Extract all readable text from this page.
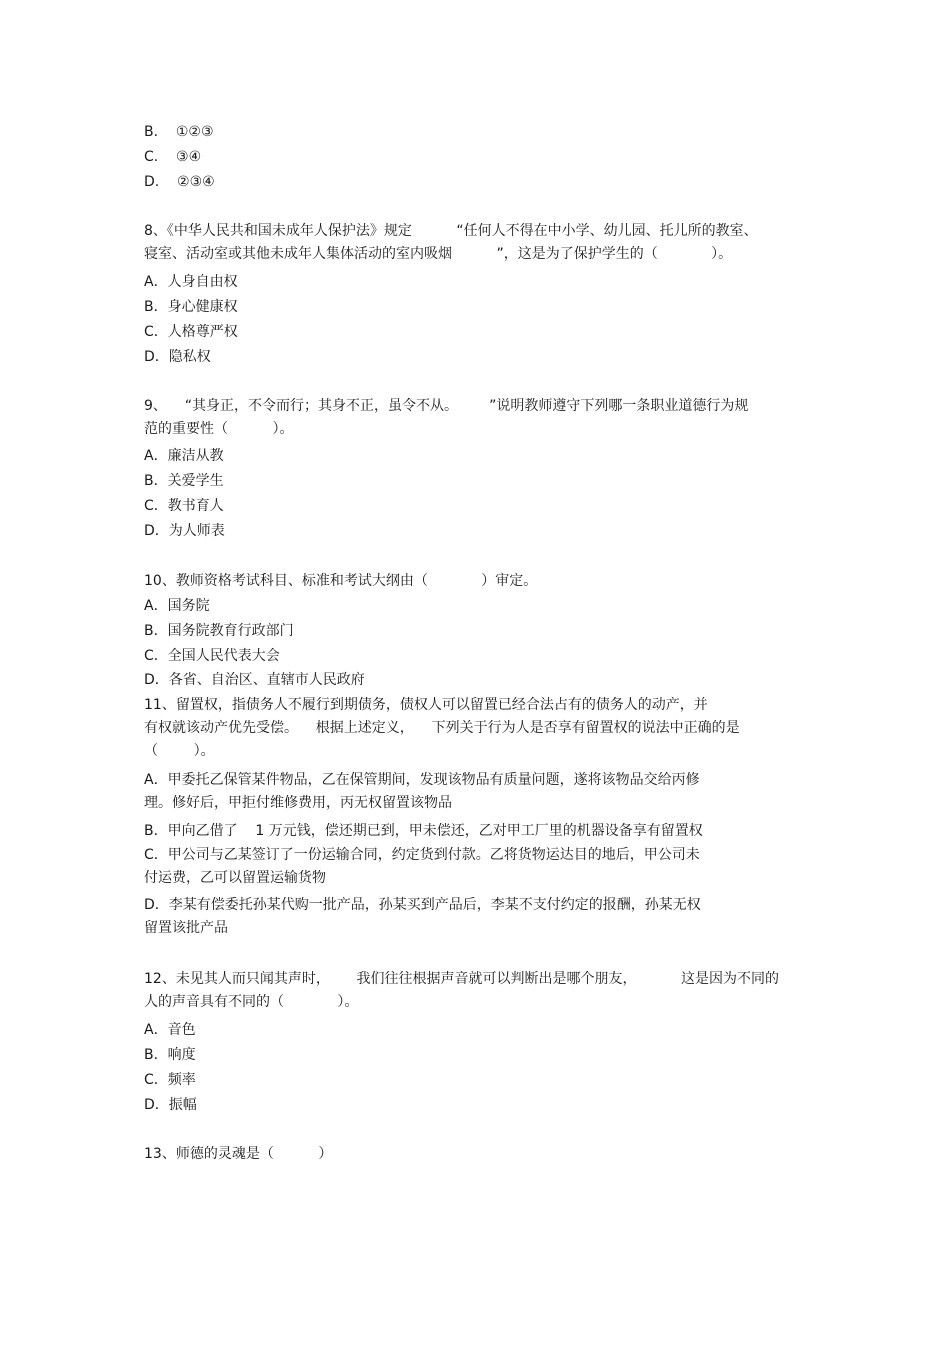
B.    ①②③
C.    ③④
D.    ②③④
8、《中华人民共和国未成年人保护法》规定          “任何人不得在中小学、幼儿园、托儿所的教室、
寝室、活动室或其他未成年人集体活动的室内吸烟          ”，这是为了保护学生的（            ）。
A．人身自由权
B．身心健康权
C．人格尊严权
D．隐私权
9、    “其身正，不令而行；其身不正，虽令不从。       ”说明教师遵守下列哪一条职业道德行为规
范的重要性（          ）。
A．廉洁从教
B．关爱学生
C．教书育人
D．为人师表
10、教师资格考试科目、标准和考试大纲由（            ）审定。
A．国务院
B．国务院教育行政部门
C．全国人民代表大会
D．各省、自治区、直辖市人民政府
11、留置权，指债务人不履行到期债务，债权人可以留置已经合法占有的债务人的动产，并
有权就该动产优先受偿。    根据上述定义，    下列关于行为人是否享有留置权的说法中正确的是
（        ）。
A．甲委托乙保管某件物品，乙在保管期间，发现该物品有质量问题，遂将该物品交给丙修
理。修好后，甲拒付维修费用，丙无权留置该物品
B．甲向乙借了    1 万元钱，偿还期已到，甲未偿还，乙对甲工厂里的机器设备享有留置权
C．甲公司与乙某签订了一份运输合同，约定货到付款。乙将货物运达目的地后，甲公司未
付运费，乙可以留置运输货物
D．李某有偿委托孙某代购一批产品，孙某买到产品后，李某不支付约定的报酬，孙某无权
留置该批产品
12、未见其人而只闻其声时，      我们往往根据声音就可以判断出是哪个朋友，          这是因为不同的
人的声音具有不同的（            ）。
A．音色
B．响度
C．频率
D．振幅
13、师德的灵魂是（          ）
